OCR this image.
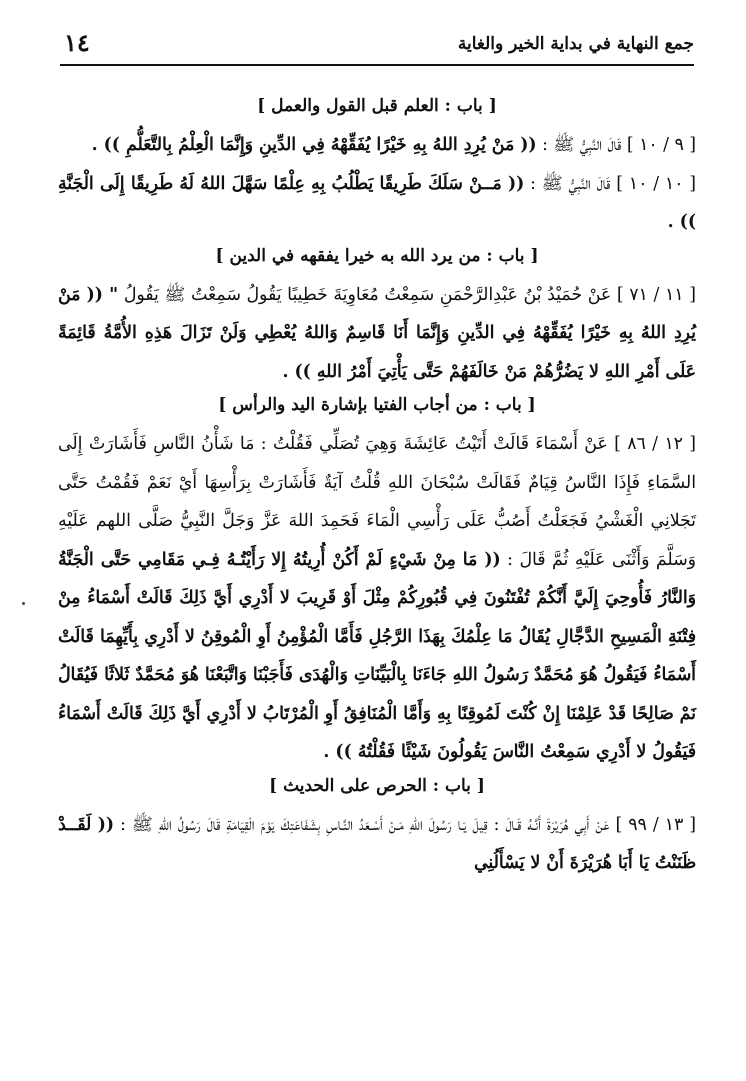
جمع النهاية في بداية الخير والغاية
١٤
[ باب : العلم قبل القول والعمل ]

[ ٩ / ١٠ ] قَالَ النَّبِيُّ ﷺ : (( مَنْ يُرِدِ اللهُ بِهِ خَيْرًا يُفَقِّهْهُ فِي الدِّينِ وَإِنَّمَا الْعِلْمُ بِالتَّعَلُّمِ )) .

[ ١٠ / ١٠ ] قَالَ النَّبِيُّ ﷺ : (( مَــنْ سَلَكَ طَرِيقًا يَطْلُبُ بِهِ عِلْمًا سَهَّلَ اللهُ لَهُ طَرِيقًا إِلَى الْجَنَّةِ )) .

[ باب : من يرد الله به خيرا يفقهه في الدين ]

[ ١١ / ٧١ ] عَنْ حُمَيْدُ بْنُ عَبْدِالرَّحْمَنِ سَمِعْتُ مُعَاوِيَةَ خَطِيبًا يَقُولُ سَمِعْتُ ﷺ يَقُولُ " (( مَنْ يُرِدِ اللهُ بِهِ خَيْرًا يُفَقِّهْهُ فِي الدِّينِ وَإِنَّمَا أَنَا قَاسِمٌ وَاللهُ يُعْطِي وَلَنْ تَزَالَ هَذِهِ الأُمَّةُ قَائِمَةً عَلَى أَمْرِ اللهِ لا يَضُرُّهُمْ مَنْ خَالَفَهُمْ حَتَّى يَأْتِيَ أَمْرُ اللهِ )) .

[ باب : من أجاب الفتيا بإشارة اليد والرأس ]

[ ١٢ / ٨٦ ] عَنْ أَسْمَاءَ قَالَتْ أَتَيْتُ عَائِشَةَ وَهِيَ تُصَلِّي فَقُلْتُ : مَا شَأْنُ النَّاسِ فَأَشَارَتْ إِلَى السَّمَاءِ فَإِذَا النَّاسُ قِيَامٌ فَقَالَتْ سُبْحَانَ اللهِ قُلْتُ آيَةٌ فَأَشَارَتْ بِرَأْسِهَا أَيْ نَعَمْ فَقُمْتُ حَتَّى تَجَلانِي الْغَشْيُ فَجَعَلْتُ أَصُبُّ عَلَى رَأْسِي الْمَاءَ فَحَمِدَ اللهَ عَزَّ وَجَلَّ النَّبِيُّ صَلَّى اللهم عَلَيْهِ وَسَلَّمَ وَأَثْنَى عَلَيْهِ ثُمَّ قَالَ : (( مَا مِنْ شَيْءٍ لَمْ أَكُنْ أُرِيتُهُ إِلا رَأَيْتُـهُ فِـي مَقَامِي حَتَّى الْجَنَّةُ وَالنَّارُ فَأُوحِيَ إِلَيَّ أَنَّكُمْ تُفْتَنُونَ فِي قُبُورِكُمْ مِثْلَ أَوْ قَرِيبَ لا أَدْرِي أَيَّ ذَلِكَ قَالَتْ أَسْمَاءُ مِنْ فِتْنَةِ الْمَسِيحِ الدَّجَّالِ يُقَالُ مَا عِلْمُكَ بِهَذَا الرَّجُلِ فَأَمَّا الْمُؤْمِنُ أَوِ الْمُوقِنُ لا أَدْرِي بِأَيِّهِمَا قَالَتْ أَسْمَاءُ فَيَقُولُ هُوَ مُحَمَّدٌ رَسُولُ اللهِ جَاءَنَا بِالْبَيِّنَاتِ وَالْهُدَى فَأَجَبْنَا وَاتَّبَعْنَا هُوَ مُحَمَّدٌ ثَلاثًا فَيُقَالُ نَمْ صَالِحًا قَدْ عَلِمْنَا إِنْ كُنْتَ لَمُوقِنًا بِهِ وَأَمَّا الْمُنَافِقُ أَوِ الْمُرْتَابُ لا أَدْرِي أَيَّ ذَلِكَ قَالَتْ أَسْمَاءُ فَيَقُولُ لا أَدْرِي سَمِعْتُ النَّاسَ يَقُولُونَ شَيْئًا فَقُلْتُهُ )) .

[ باب : الحرص على الحديث ]

[ ١٣ / ٩٩ ] عَنْ أَبِي هُرَيْرَةَ أَنَّـهُ قَـالَ : قِيلَ يَـا رَسُولَ اللهِ مَـنْ أَسْـعَدُ النَّـاسِ بِشَفَاعَتِكَ يَوْمَ الْقِيَامَةِ قَالَ رَسُولُ اللهِ ﷺ : (( لَقَــدْ ظَنَنْتُ يَا أَبَا هُرَيْرَةَ أَنْ لا يَسْأَلُنِي
